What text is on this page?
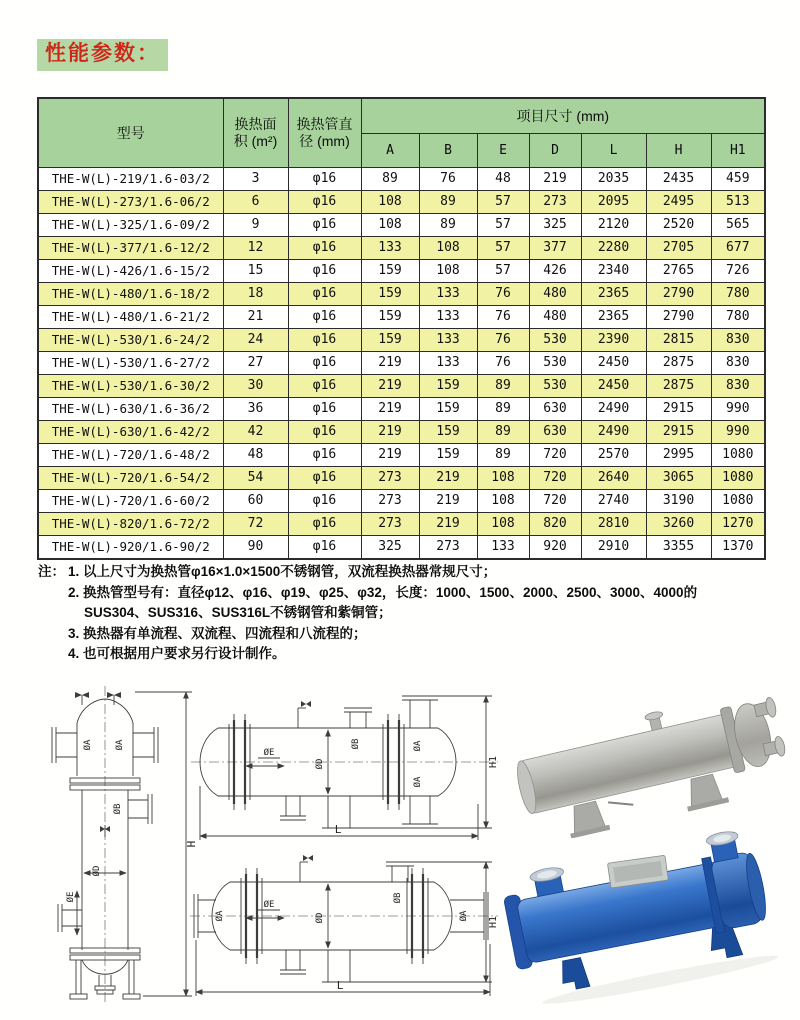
性能参数：
型号	
换热面
积 (m²)

换热管直
径 (mm)
	项目尺寸 (mm)
			A	B	E	D	L	H	H1
THE-W(L)-219/1.6-03/2	3	φ16	89	76	48	219	2035	2435	459
THE-W(L)-273/1.6-06/2	6	φ16	108	89	57	273	2095	2495	513
THE-W(L)-325/1.6-09/2	9	φ16	108	89	57	325	2120	2520	565
THE-W(L)-377/1.6-12/2	12	φ16	133	108	57	377	2280	2705	677
THE-W(L)-426/1.6-15/2	15	φ16	159	108	57	426	2340	2765	726
THE-W(L)-480/1.6-18/2	18	φ16	159	133	76	480	2365	2790	780
THE-W(L)-480/1.6-21/2	21	φ16	159	133	76	480	2365	2790	780
THE-W(L)-530/1.6-24/2	24	φ16	159	133	76	530	2390	2815	830
THE-W(L)-530/1.6-27/2	27	φ16	219	133	76	530	2450	2875	830
THE-W(L)-530/1.6-30/2	30	φ16	219	159	89	530	2450	2875	830
THE-W(L)-630/1.6-36/2	36	φ16	219	159	89	630	2490	2915	990
THE-W(L)-630/1.6-42/2	42	φ16	219	159	89	630	2490	2915	990
THE-W(L)-720/1.6-48/2	48	φ16	219	159	89	720	2570	2995	1080
THE-W(L)-720/1.6-54/2	54	φ16	273	219	108	720	2640	3065	1080
THE-W(L)-720/1.6-60/2	60	φ16	273	219	108	720	2740	3190	1080
THE-W(L)-820/1.6-72/2	72	φ16	273	219	108	820	2810	3260	1270
THE-W(L)-920/1.6-90/2	90	φ16	325	273	133	920	2910	3355	1370
注： 1. 以上尺寸为换热管φ16×1.0×1500不锈钢管，双流程换热器常规尺寸；
2. 换热管型号有：直径φ12、φ16、φ19、φ25、φ32，长度：1000、1500、2000、2500、3000、4000的
SUS304、SUS316、SUS316L不锈钢管和紫铜管；
3. 换热器有单流程、双流程、四流程和八流程的；
4. 也可根据用户要求另行设计制作。
ØA ØA
ØB
ØD
ØE
H
ØB	ØA
ØA
ØD
ØE
H1
L
ØA
ØB
ØA
ØD
ØE
H1
L
